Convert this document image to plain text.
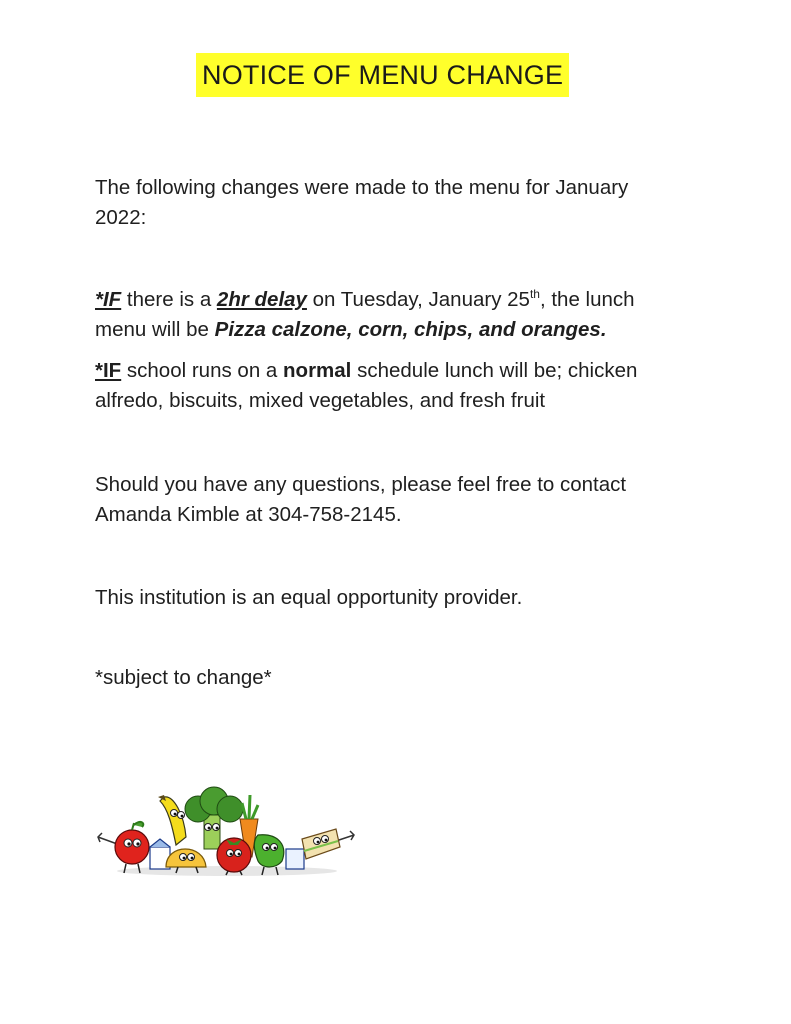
NOTICE OF MENU CHANGE
The following changes were made to the menu for January 2022:
*IF there is a 2hr delay on Tuesday, January 25th, the lunch menu will be Pizza calzone, corn, chips, and oranges.
*IF school runs on a normal schedule lunch will be; chicken alfredo, biscuits, mixed vegetables, and fresh fruit
Should you have any questions, please feel free to contact Amanda Kimble at 304-758-2145.
This institution is an equal opportunity provider.
*subject to change*
